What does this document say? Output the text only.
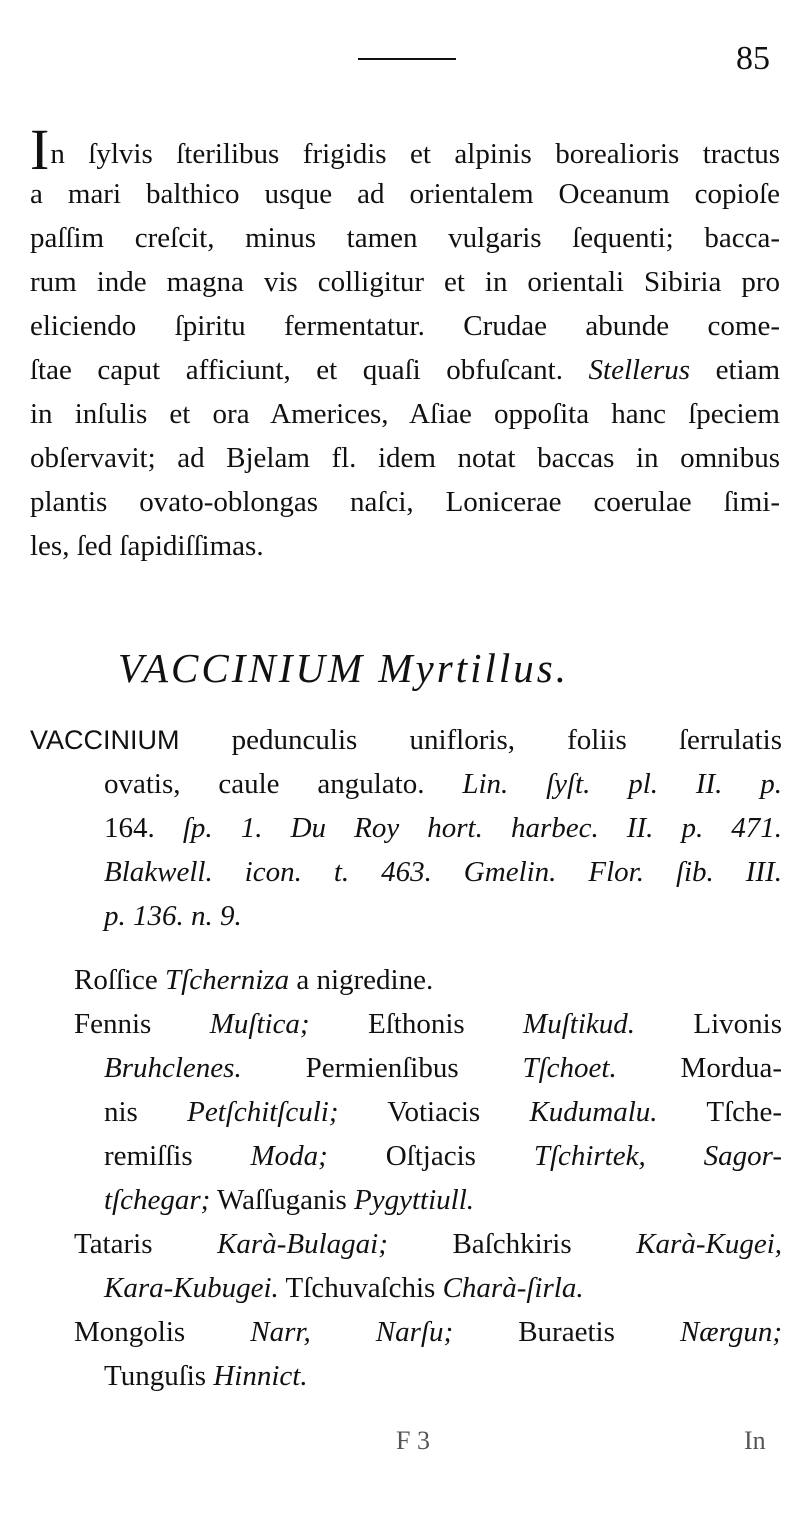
85
In ſylvis ſterilibus frigidis et alpinis borealioris tractus
a mari balthico usque ad orientalem Oceanum copioſe
paſſim creſcit, minus tamen vulgaris ſequenti; bacca-
rum inde magna vis colligitur et in orientali Sibiria pro
eliciendo ſpiritu fermentatur. Crudae abunde come-
ſtae caput afficiunt, et quaſi obfuſcant. Stellerus etiam
in inſulis et ora Americes, Aſiae oppoſita hanc ſpeciem
obſervavit; ad Bjelam fl. idem notat baccas in omnibus
plantis ovato-oblongas naſci, Lonicerae coerulae ſimi-
les, ſed ſapidiſſimas.
VACCINIUM Myrtillus.
VACCINIUM pedunculis unifloris, foliis ſerrulatis
ovatis, caule angulato. Lin. ſyſt. pl. II. p.
164. ſp. 1. Du Roy hort. harbec. II. p. 471.
Blakwell. icon. t. 463. Gmelin. Flor. ſib. III.
p. 136. n. 9.
Roſſice Tſcherniza a nigredine.
Fennis Muſtica; Eſthonis Muſtikud. Livonis
Bruhclenes. Permienſibus Tſchoet. Mordua-
nis Petſchitſculi; Votiacis Kudumalu. Tſche-
remiſſis Moda; Oſtjacis Tſchirtek, Sagor-
tſchegar; Waſſuganis Pygyttiull.
Tataris Karà-Bulagai; Baſchkiris Karà-Kugei,
Kara-Kubugei. Tſchuvaſchis Charà-ſirla.
Mongolis Narr, Narſu; Buraetis Nærgun;
Tunguſis Hinnict.
F 3	In
